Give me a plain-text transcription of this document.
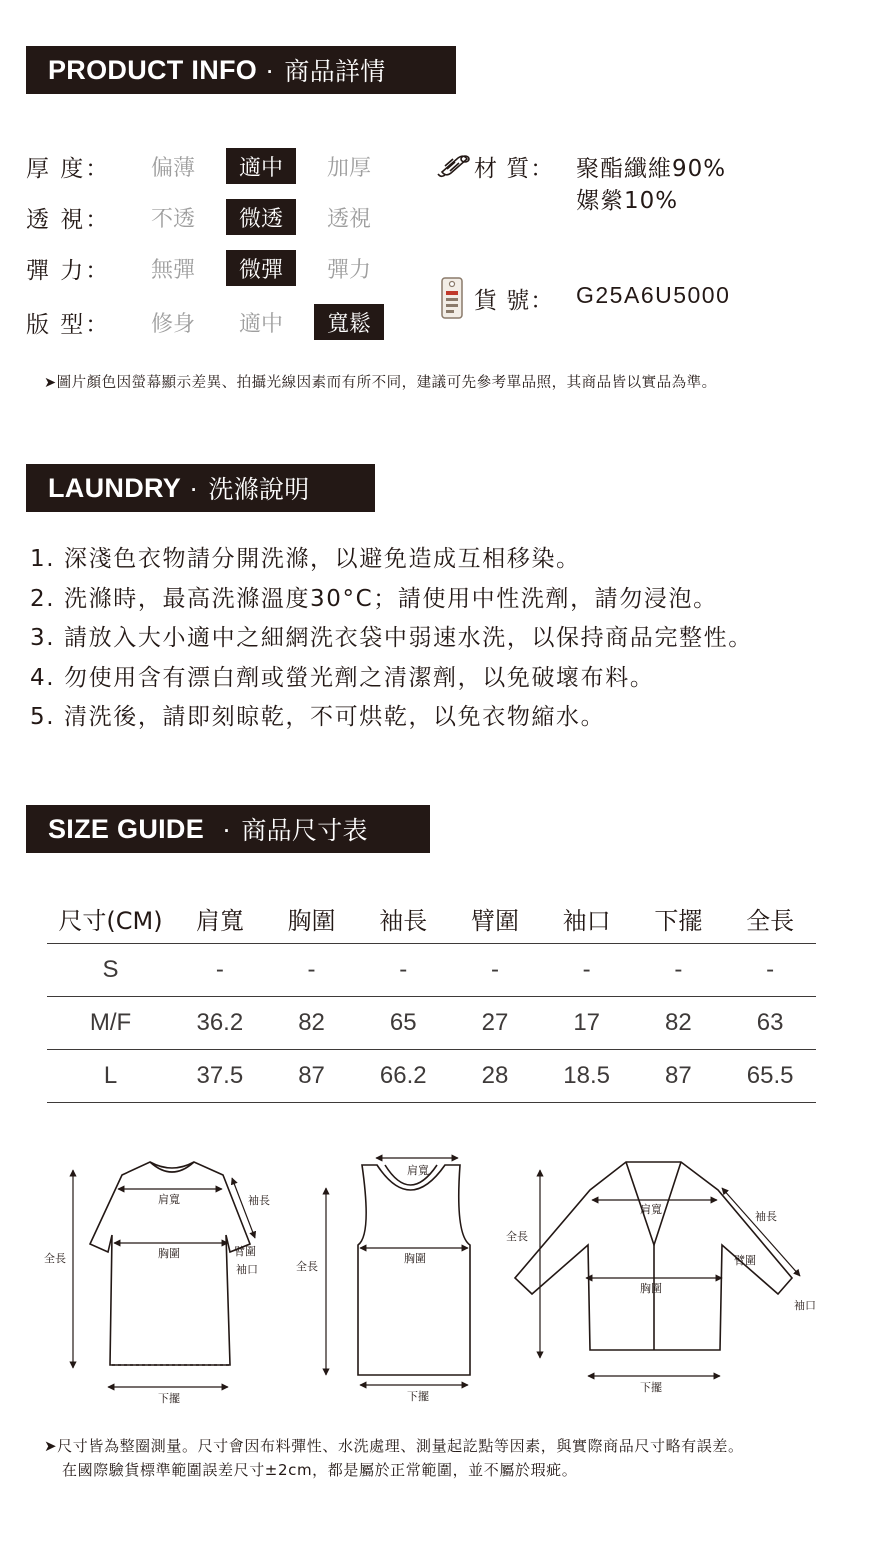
PRODUCT INFO · 商品詳情
厚 度：	偏薄	適中	加厚
透 視：	不透	微透	透視
彈 力：	無彈	微彈	彈力
版 型：	修身	適中	寬鬆
材 質： 聚酯纖維90%
嫘縈10%
貨 號： G25A6U5000
➤圖片顏色因螢幕顯示差異、拍攝光線因素而有所不同，建議可先參考單品照，其商品皆以實品為準。
LAUNDRY · 洗滌說明
1. 深淺色衣物請分開洗滌，以避免造成互相移染。
2. 洗滌時，最高洗滌溫度30°C；請使用中性洗劑，請勿浸泡。
3. 請放入大小適中之細網洗衣袋中弱速水洗，以保持商品完整性。
4. 勿使用含有漂白劑或螢光劑之清潔劑，以免破壞布料。
5. 清洗後，請即刻晾乾，不可烘乾，以免衣物縮水。
SIZE GUIDE · 商品尺寸表
尺寸(CM)	肩寬	胸圍	袖長	臂圍	袖口	下擺	全長
S	-	-	-	-	-	-	-
M/F	36.2	82	65	27	17	82	63
L	37.5	87	66.2	28	18.5	87	65.5
肩寬
胸圍
全長
下擺
袖長
臂圍
袖口
肩寬
胸圍
全長
下擺
肩寬
胸圍
全長
下擺
袖長
臂圍
袖口
➤尺寸皆為整圈測量。尺寸會因布料彈性、水洗處理、測量起訖點等因素，與實際商品尺寸略有誤差。
在國際驗貨標準範圍誤差尺寸±2cm，都是屬於正常範圍，並不屬於瑕疵。
